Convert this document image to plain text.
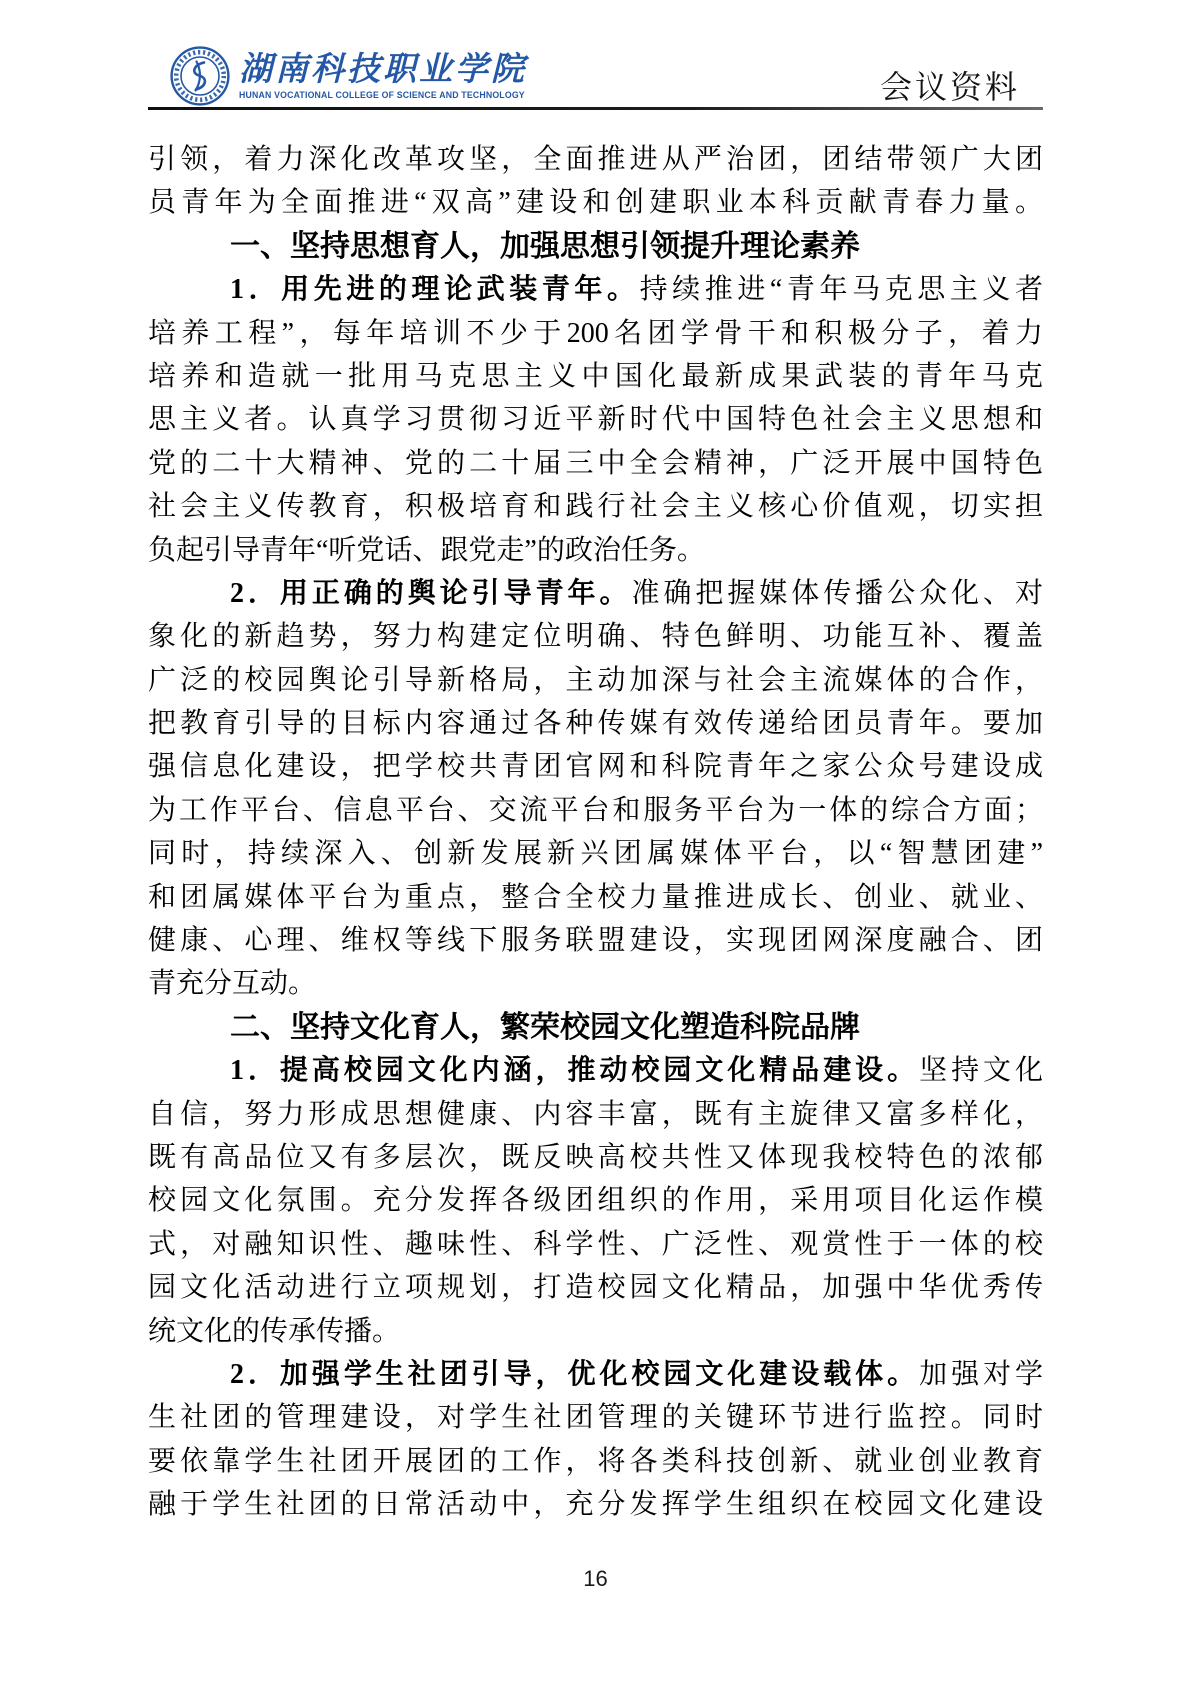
湖南科技职业学院
HUNAN VOCATIONAL COLLEGE OF SCIENCE AND TECHNOLOGY	会议资料
引领，着力深化改革攻坚，全面推进从严治团，团结带领广大团
员青年为全面推进“双高”建设和创建职业本科贡献青春力量。
一、坚持思想育人，加强思想引领提升理论素养
1．用先进的理论武装青年。持续推进“青年马克思主义者
培养工程”，每年培训不少于200名团学骨干和积极分子，着力
培养和造就一批用马克思主义中国化最新成果武装的青年马克
思主义者。认真学习贯彻习近平新时代中国特色社会主义思想和
党的二十大精神、党的二十届三中全会精神，广泛开展中国特色
社会主义传教育，积极培育和践行社会主义核心价值观，切实担
负起引导青年“听党话、跟党走”的政治任务。
2．用正确的舆论引导青年。准确把握媒体传播公众化、对
象化的新趋势，努力构建定位明确、特色鲜明、功能互补、覆盖
广泛的校园舆论引导新格局，主动加深与社会主流媒体的合作，
把教育引导的目标内容通过各种传媒有效传递给团员青年。要加
强信息化建设，把学校共青团官网和科院青年之家公众号建设成
为工作平台、信息平台、交流平台和服务平台为一体的综合方面；
同时，持续深入、创新发展新兴团属媒体平台，以“智慧团建”
和团属媒体平台为重点，整合全校力量推进成长、创业、就业、
健康、心理、维权等线下服务联盟建设，实现团网深度融合、团
青充分互动。
二、坚持文化育人，繁荣校园文化塑造科院品牌
1．提高校园文化内涵，推动校园文化精品建设。坚持文化
自信，努力形成思想健康、内容丰富，既有主旋律又富多样化，
既有高品位又有多层次，既反映高校共性又体现我校特色的浓郁
校园文化氛围。充分发挥各级团组织的作用，采用项目化运作模
式，对融知识性、趣味性、科学性、广泛性、观赏性于一体的校
园文化活动进行立项规划，打造校园文化精品，加强中华优秀传
统文化的传承传播。
2．加强学生社团引导，优化校园文化建设载体。加强对学
生社团的管理建设，对学生社团管理的关键环节进行监控。同时
要依靠学生社团开展团的工作，将各类科技创新、就业创业教育
融于学生社团的日常活动中，充分发挥学生组织在校园文化建设
16
